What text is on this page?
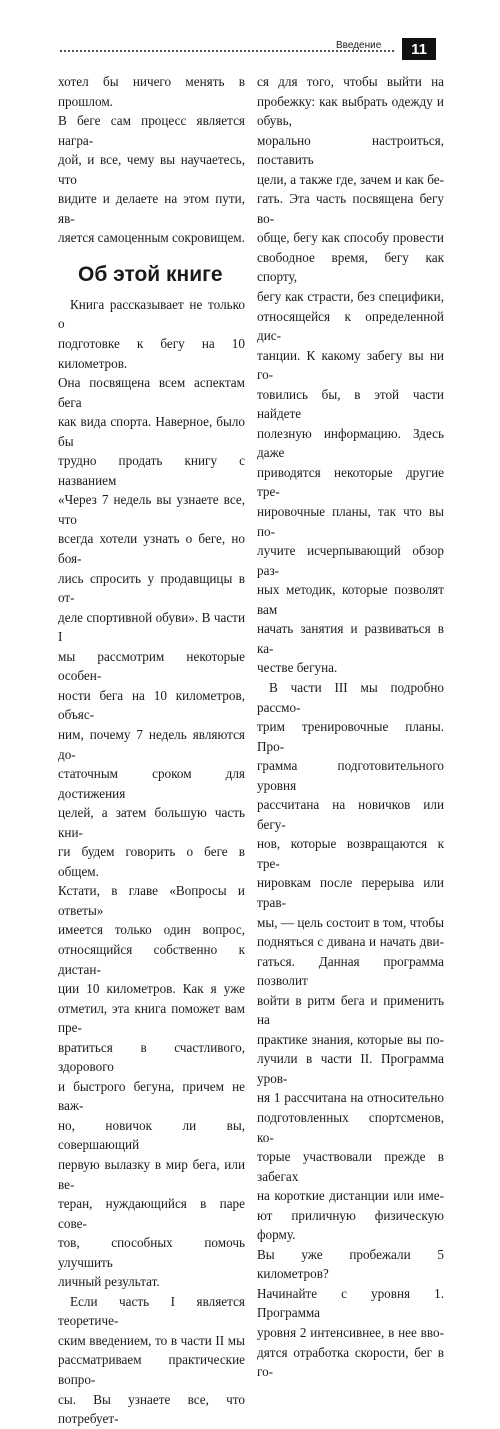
Введение	11
хотел бы ничего менять в прошлом.
В беге сам процесс является награ-
дой, и все, чему вы научаетесь, что
видите и делаете на этом пути, яв-
ляется самоценным сокровищем.
Об этой книге
Книга рассказывает не только о
подготовке к бегу на 10 километров.
Она посвящена всем аспектам бега
как вида спорта. Наверное, было бы
трудно продать книгу с названием
«Через 7 недель вы узнаете все, что
всегда хотели узнать о беге, но боя-
лись спросить у продавщицы в от-
деле спортивной обуви». В части I
мы рассмотрим некоторые особен-
ности бега на 10 километров, объяс-
ним, почему 7 недель являются до-
статочным сроком для достижения
целей, а затем большую часть кни-
ги будем говорить о беге в общем.
Кстати, в главе «Вопросы и ответы»
имеется только один вопрос,
относящийся собственно к дистан-
ции 10 километров. Как я уже
отметил, эта книга поможет вам пре-
вратиться в счастливого, здорового
и быстрого бегуна, причем не важ-
но, новичок ли вы, совершающий
первую вылазку в мир бега, или ве-
теран, нуждающийся в паре сове-
тов, способных помочь улучшить
личный результат.
Если часть I является теоретиче-
ским введением, то в части II мы
рассматриваем практические вопро-
сы. Вы узнаете все, что потребует-
ся для того, чтобы выйти на пробежку: как выбрать одежду и обувь,
морально настроиться, поставить
цели, а также где, зачем и как бе-
гать. Эта часть посвящена бегу во-
обще, бегу как способу провести
свободное время, бегу как спорту,
бегу как страсти, без специфики,
относящейся к определенной дис-
танции. К какому забегу вы ни го-
товились бы, в этой части найдете
полезную информацию. Здесь даже
приводятся некоторые другие тре-
нировочные планы, так что вы по-
лучите исчерпывающий обзор раз-
ных методик, которые позволят вам
начать занятия и развиваться в ка-
честве бегуна.
В части III мы подробно рассмо-
трим тренировочные планы. Про-
грамма подготовительного уровня
рассчитана на новичков или бегу-
нов, которые возвращаются к тре-
нировкам после перерыва или трав-
мы, — цель состоит в том, чтобы
подняться с дивана и начать дви-
гаться. Данная программа позволит
войти в ритм бега и применить на
практике знания, которые вы по-
лучили в части II. Программа уров-
ня 1 рассчитана на относительно
подготовленных спортсменов, ко-
торые участвовали прежде в забегах
на короткие дистанции или име-
ют приличную физическую форму.
Вы уже пробежали 5 километров?
Начинайте с уровня 1. Программа
уровня 2 интенсивнее, в нее вво-
дятся отработка скорости, бег в го-
